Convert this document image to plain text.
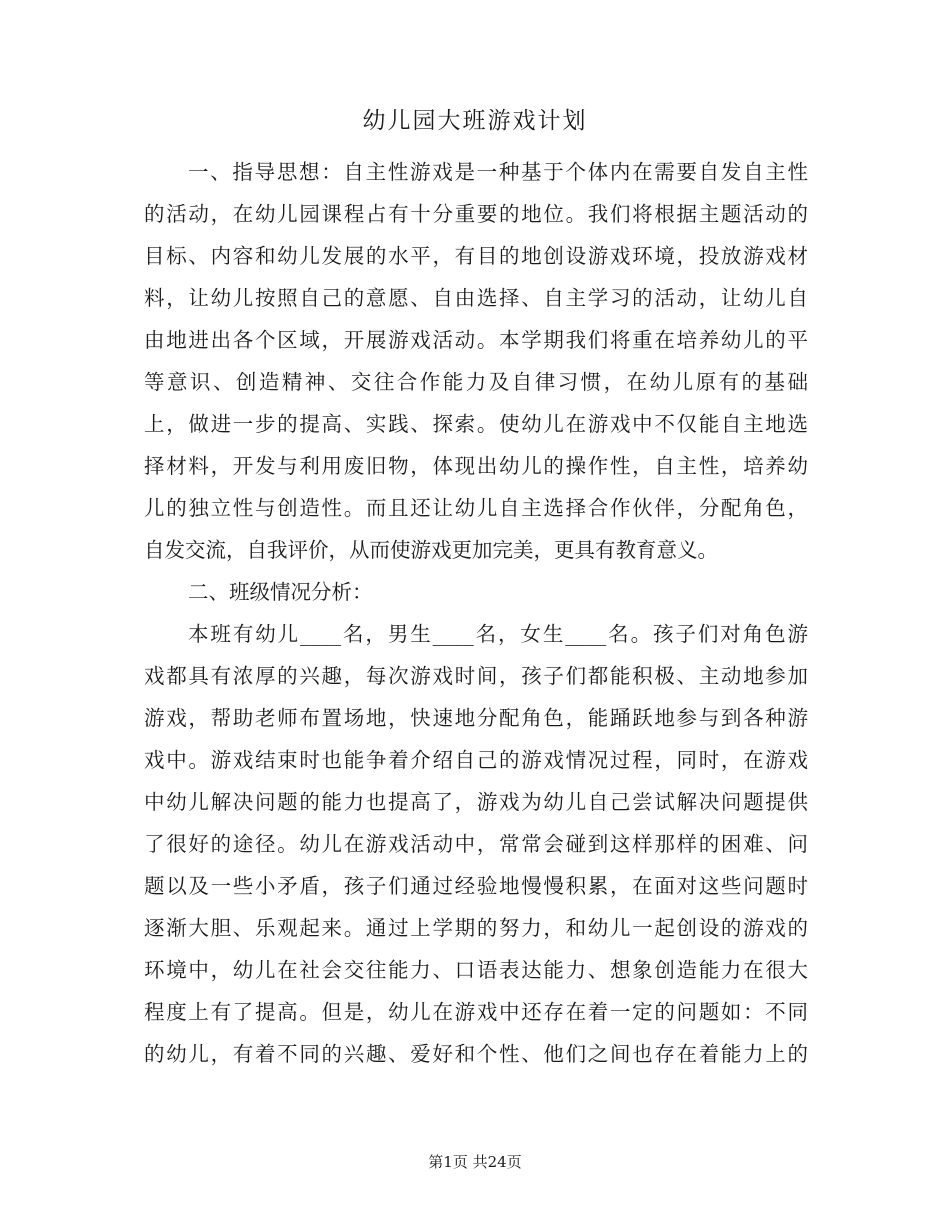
幼儿园大班游戏计划
一、指导思想：自主性游戏是一种基于个体内在需要自发自主性
的活动，在幼儿园课程占有十分重要的地位。我们将根据主题活动的
目标、内容和幼儿发展的水平，有目的地创设游戏环境，投放游戏材
料，让幼儿按照自己的意愿、自由选择、自主学习的活动，让幼儿自
由地进出各个区域，开展游戏活动。本学期我们将重在培养幼儿的平
等意识、创造精神、交往合作能力及自律习惯，在幼儿原有的基础
上，做进一步的提高、实践、探索。使幼儿在游戏中不仅能自主地选
择材料，开发与利用废旧物，体现出幼儿的操作性，自主性，培养幼
儿的独立性与创造性。而且还让幼儿自主选择合作伙伴，分配角色，
自发交流，自我评价，从而使游戏更加完美，更具有教育意义。
二、班级情况分析：
本班有幼儿____名，男生____名，女生____名。孩子们对角色游
戏都具有浓厚的兴趣，每次游戏时间，孩子们都能积极、主动地参加
游戏，帮助老师布置场地，快速地分配角色，能踊跃地参与到各种游
戏中。游戏结束时也能争着介绍自己的游戏情况过程，同时，在游戏
中幼儿解决问题的能力也提高了，游戏为幼儿自己尝试解决问题提供
了很好的途径。幼儿在游戏活动中，常常会碰到这样那样的困难、问
题以及一些小矛盾，孩子们通过经验地慢慢积累，在面对这些问题时
逐渐大胆、乐观起来。通过上学期的努力，和幼儿一起创设的游戏的
环境中，幼儿在社会交往能力、口语表达能力、想象创造能力在很大
程度上有了提高。但是，幼儿在游戏中还存在着一定的问题如：不同
的幼儿，有着不同的兴趣、爱好和个性、他们之间也存在着能力上的
第1页 共24页
